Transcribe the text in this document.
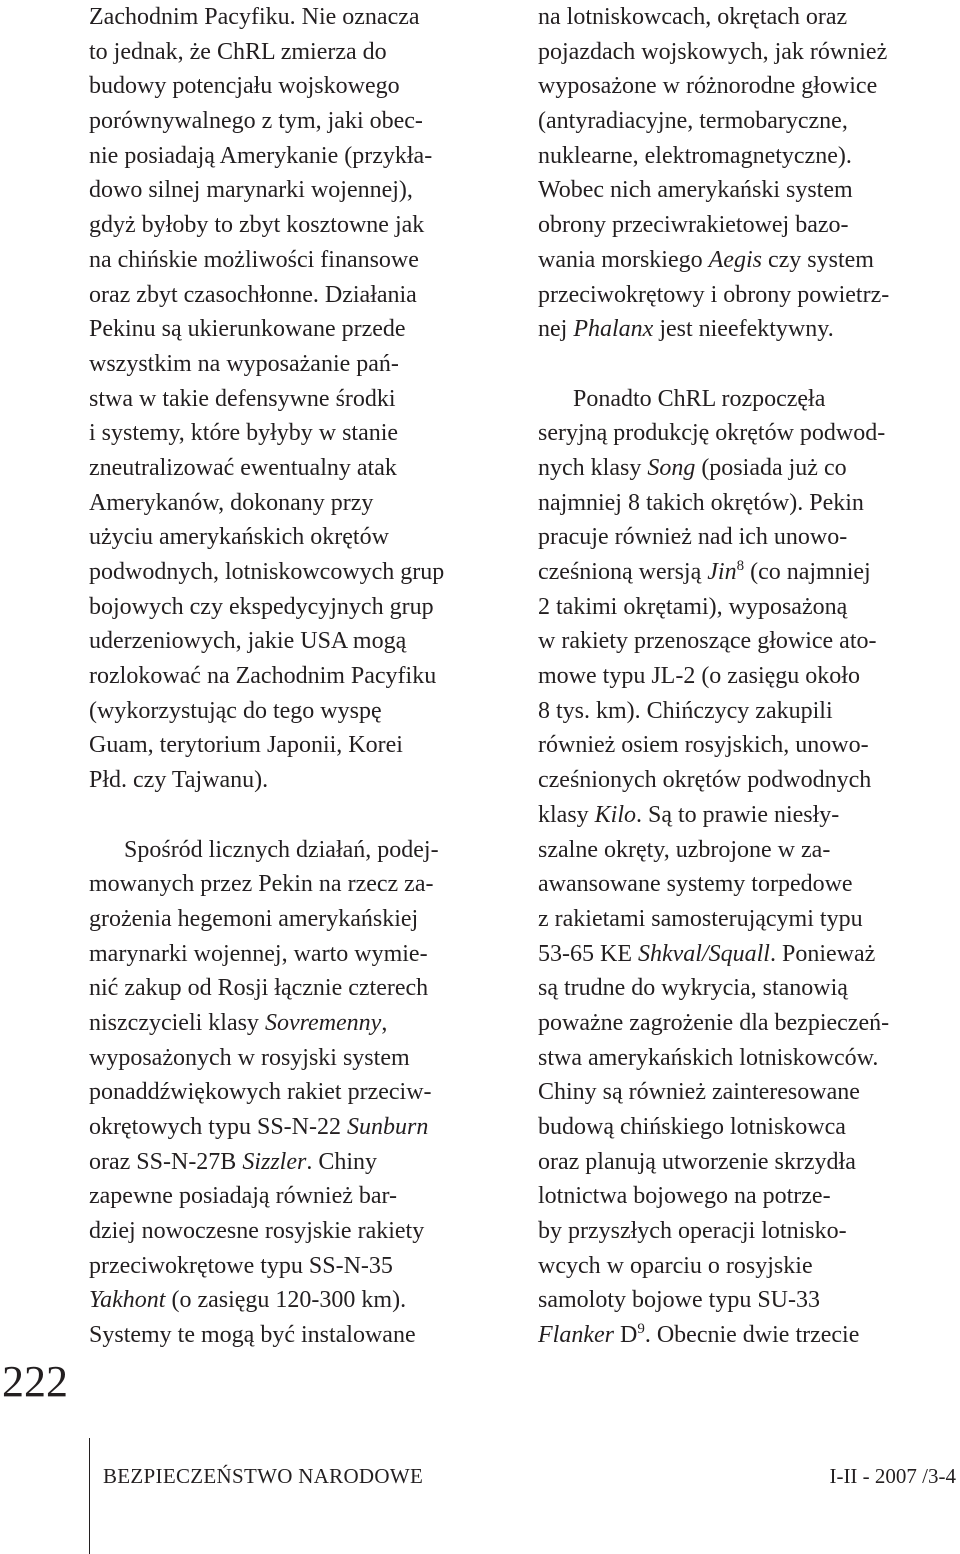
Zachodnim Pacyfiku. Nie oznacza
to jednak, że ChRL zmierza do
budowy potencjału wojskowego
porównywalnego z tym, jaki obec-
nie posiadają Amerykanie (przykła-
dowo silnej marynarki wojennej),
gdyż byłoby to zbyt kosztowne jak
na chińskie możliwości finansowe
oraz zbyt czasochłonne. Działania
Pekinu są ukierunkowane przede
wszystkim na wyposażanie pań-
stwa w takie defensywne środki
i systemy, które byłyby w stanie
zneutralizować ewentualny atak
Amerykanów, dokonany przy
użyciu amerykańskich okrętów
podwodnych, lotniskowcowych grup
bojowych czy ekspedycyjnych grup
uderzeniowych, jakie USA mogą
rozlokować na Zachodnim Pacyfiku
(wykorzystując do tego wyspę
Guam, terytorium Japonii, Korei
Płd. czy Tajwanu).
Spośród licznych działań, podej-
mowanych przez Pekin na rzecz za-
grożenia hegemoni amerykańskiej
marynarki wojennej, warto wymie-
nić zakup od Rosji łącznie czterech
niszczycieli klasy Sovremenny,
wyposażonych w rosyjski system
ponaddźwiękowych rakiet przeciw-
okrętowych typu SS-N-22 Sunburn
oraz SS-N-27B Sizzler. Chiny
zapewne posiadają również bar-
dziej nowoczesne rosyjskie rakiety
przeciwokrętowe typu SS-N-35
Yakhont (o zasięgu 120-300 km).
Systemy te mogą być instalowane
na lotniskowcach, okrętach oraz
pojazdach wojskowych, jak również
wyposażone w różnorodne głowice
(antyradiacyjne, termobaryczne,
nuklearne, elektromagnetyczne).
Wobec nich amerykański system
obrony przeciwrakietowej bazo-
wania morskiego Aegis czy system
przeciwokrętowy i obrony powietrz-
nej Phalanx jest nieefektywny.
Ponadto ChRL rozpoczęła
seryjną produkcję okrętów podwod-
nych klasy Song (posiada już co
najmniej 8 takich okrętów). Pekin
pracuje również nad ich unowo-
cześnioną wersją Jin$^8$ (co najmniej
2 takimi okrętami), wyposażoną
w rakiety przenoszące głowice ato-
mowe typu JL-2 (o zasięgu około
8 tys. km). Chińczycy zakupili
również osiem rosyjskich, unowo-
cześnionych okrętów podwodnych
klasy Kilo. Są to prawie niesły-
szalne okręty, uzbrojone w za-
awansowane systemy torpedowe
z rakietami samosterującymi typu
53-65 KE Shkval/Squall. Ponieważ
są trudne do wykrycia, stanowią
poważne zagrożenie dla bezpieczeń-
stwa amerykańskich lotniskowców.
Chiny są również zainteresowane
budową chińskiego lotniskowca
oraz planują utworzenie skrzydła
lotnictwa bojowego na potrze-
by przyszłych operacji lotnisko-
wcych w oparciu o rosyjskie
samoloty bojowe typu SU-33
Flanker $D^9$. Obecnie dwie trzecie
222
BEZPIECZEŃSTWO NARODOWE	I-II - 2007 /3-4
